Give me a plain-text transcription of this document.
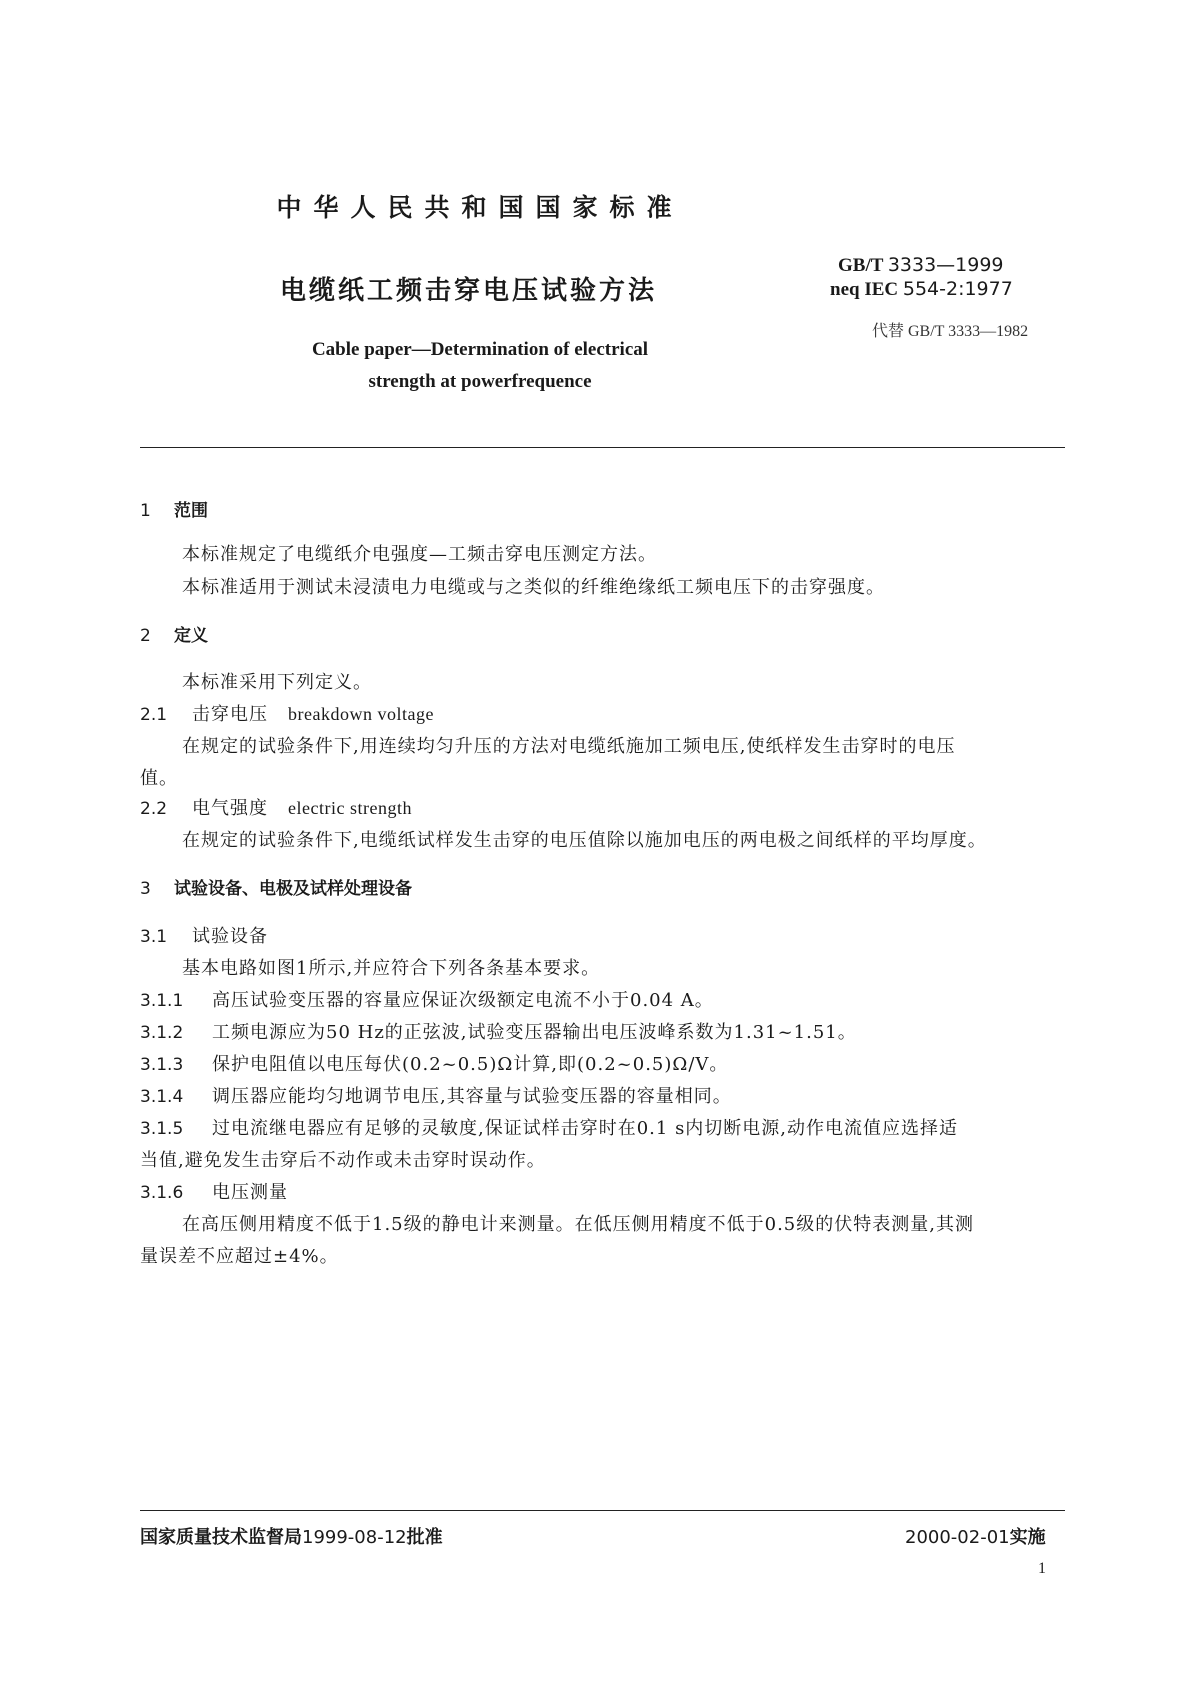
中华人民共和国国家标准
电缆纸工频击穿电压试验方法
Cable paper—Determination of electrical
strength at powerfrequence
GB/T 3333—1999
neq IEC 554-2:1977
代替 GB/T 3333—1982
1 范围
本标准规定了电缆纸介电强度—工频击穿电压测定方法。
本标准适用于测试未浸渍电力电缆或与之类似的纤维绝缘纸工频电压下的击穿强度。
2 定义
本标准采用下列定义。
2.1 击穿电压 breakdown voltage
在规定的试验条件下,用连续均匀升压的方法对电缆纸施加工频电压,使纸样发生击穿时的电压
值。
2.2 电气强度 electric strength
在规定的试验条件下,电缆纸试样发生击穿的电压值除以施加电压的两电极之间纸样的平均厚度。
3 试验设备、电极及试样处理设备
3.1 试验设备
基本电路如图1所示,并应符合下列各条基本要求。
3.1.1 高压试验变压器的容量应保证次级额定电流不小于0.04 A。
3.1.2 工频电源应为50 Hz的正弦波,试验变压器输出电压波峰系数为1.31~1.51。
3.1.3 保护电阻值以电压每伏(0.2~0.5)Ω计算,即(0.2~0.5)Ω/V。
3.1.4 调压器应能均匀地调节电压,其容量与试验变压器的容量相同。
3.1.5 过电流继电器应有足够的灵敏度,保证试样击穿时在0.1 s内切断电源,动作电流值应选择适
当值,避免发生击穿后不动作或未击穿时误动作。
3.1.6 电压测量
在高压侧用精度不低于1.5级的静电计来测量。在低压侧用精度不低于0.5级的伏特表测量,其测
量误差不应超过±4%。
国家质量技术监督局1999-08-12批准	2000-02-01实施
1
